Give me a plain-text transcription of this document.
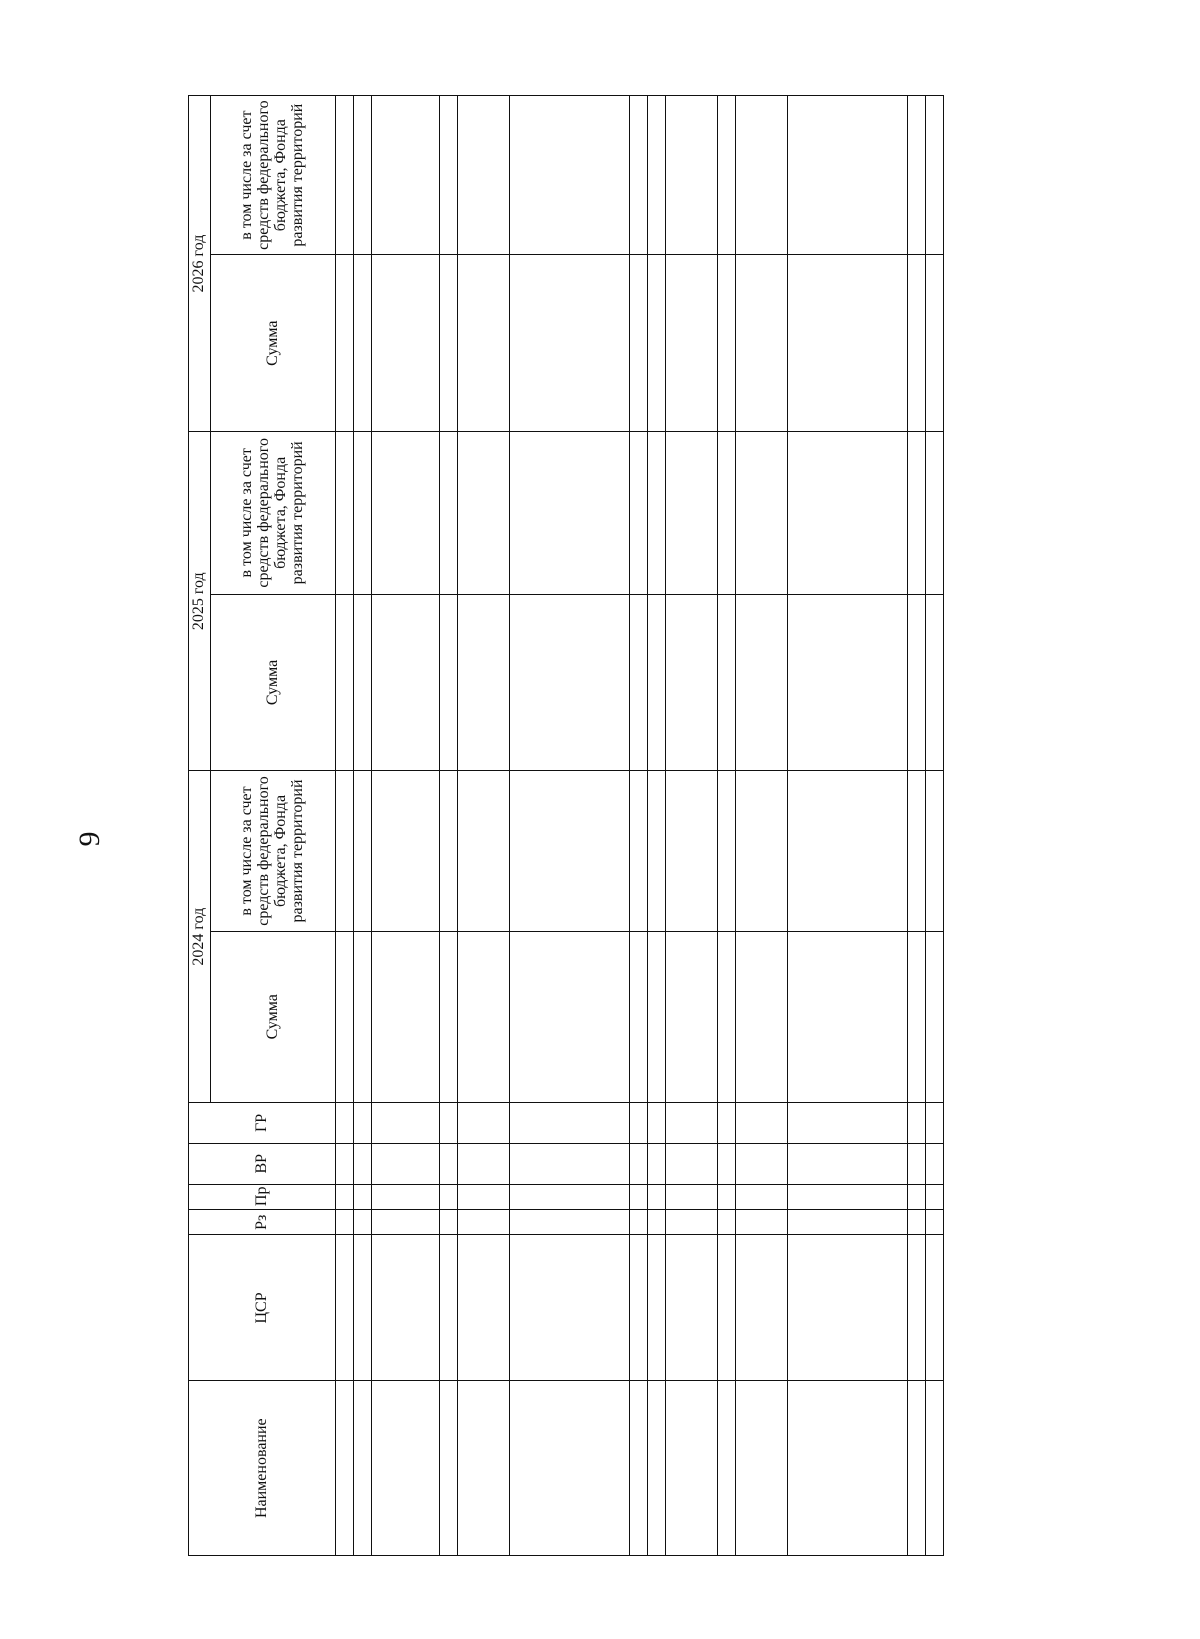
9
Наименование	ЦСР	Рз	Пр	ВР	ГР	2024 год		2025 год		2026 год	
						Сумма	в том числе за счет средств федерального бюджета, Фонда развития территорий	Сумма	в том числе за счет средств федерального бюджета, Фонда развития территорий	Сумма	в том числе за счет средств федерального бюджета, Фонда развития территорий
